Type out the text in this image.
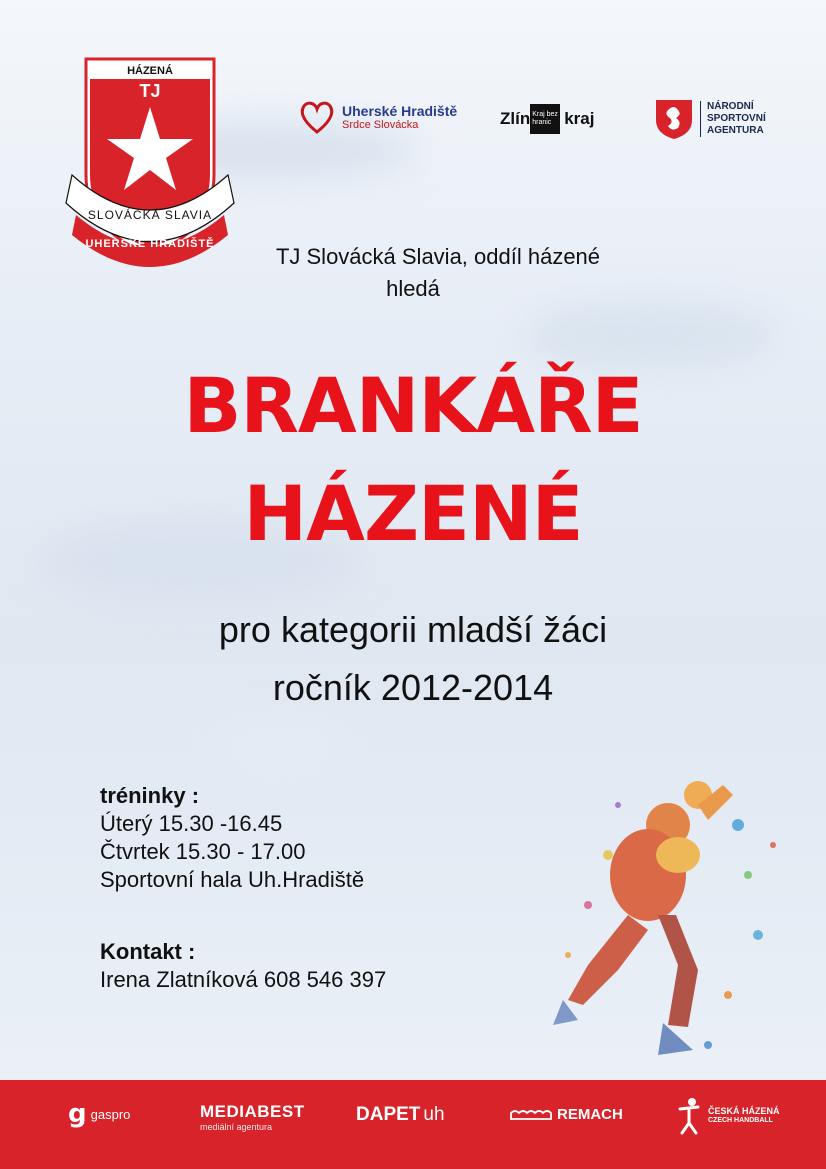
HÁZENÁ
TJ
SLOVÁCKÁ SLAVIA
UHERSKÉ HRADIŠTĚ
Uherské Hradiště
Srdce Slovácka	Zlín Kraj bez hranic kraj
NÁRODNÍ
SPORTOVNÍ
AGENTURA
TJ Slovácká Slavia, oddíl házené
hledá
BRANKÁŘE
HÁZENÉ
pro kategorii mladší žáci
ročník 2012-2014
tréninky :
Úterý 15.30 -16.45
Čtvrtek 15.30 - 17.00
Sportovní hala Uh.Hradiště
Kontakt :
Irena Zlatníková 608 546 397
g gaspro	MEDIABEST
mediální agentura
DAPET uh	REMACH	ČESKÁ HÁZENÁ
CZECH HANDBALL
